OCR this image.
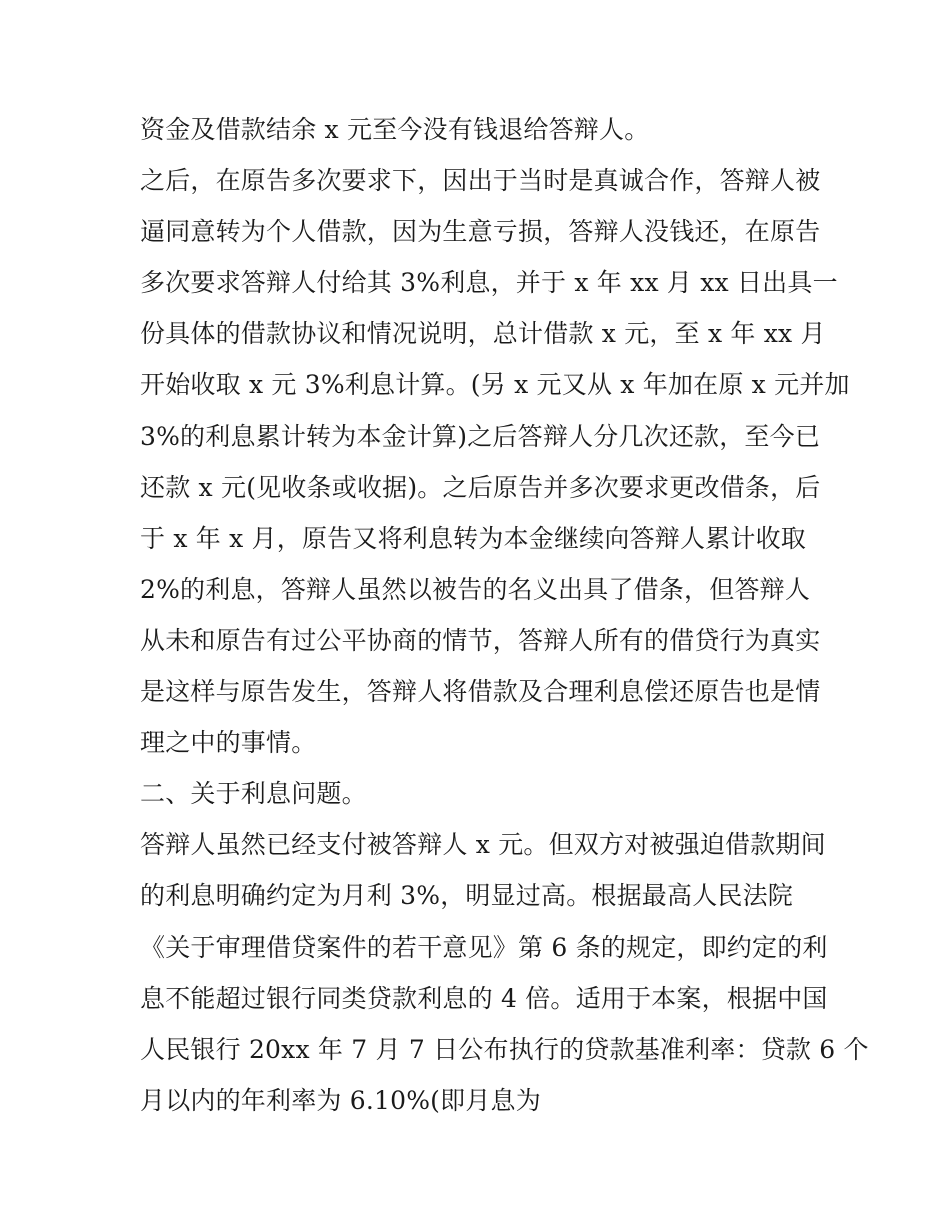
资金及借款结余 x 元至今没有钱退给答辩人。
之后，在原告多次要求下，因出于当时是真诚合作，答辩人被
逼同意转为个人借款，因为生意亏损，答辩人没钱还，在原告
多次要求答辩人付给其 3%利息，并于 x 年 xx 月 xx 日出具一
份具体的借款协议和情况说明，总计借款 x 元，至 x 年 xx 月
开始收取 x 元 3%利息计算。(另 x 元又从 x 年加在原 x 元并加
3%的利息累计转为本金计算)之后答辩人分几次还款，至今已
还款 x 元(见收条或收据)。之后原告并多次要求更改借条，后
于 x 年 x 月，原告又将利息转为本金继续向答辩人累计收取
2%的利息，答辩人虽然以被告的名义出具了借条，但答辩人
从未和原告有过公平协商的情节，答辩人所有的借贷行为真实
是这样与原告发生，答辩人将借款及合理利息偿还原告也是情
理之中的事情。
二、关于利息问题。
答辩人虽然已经支付被答辩人 x 元。但双方对被强迫借款期间
的利息明确约定为月利 3%，明显过高。根据最高人民法院
《关于审理借贷案件的若干意见》第 6 条的规定，即约定的利
息不能超过银行同类贷款利息的 4 倍。适用于本案，根据中国
人民银行 20xx 年 7 月 7 日公布执行的贷款基准利率：贷款 6 个
月以内的年利率为 6.10%(即月息为
